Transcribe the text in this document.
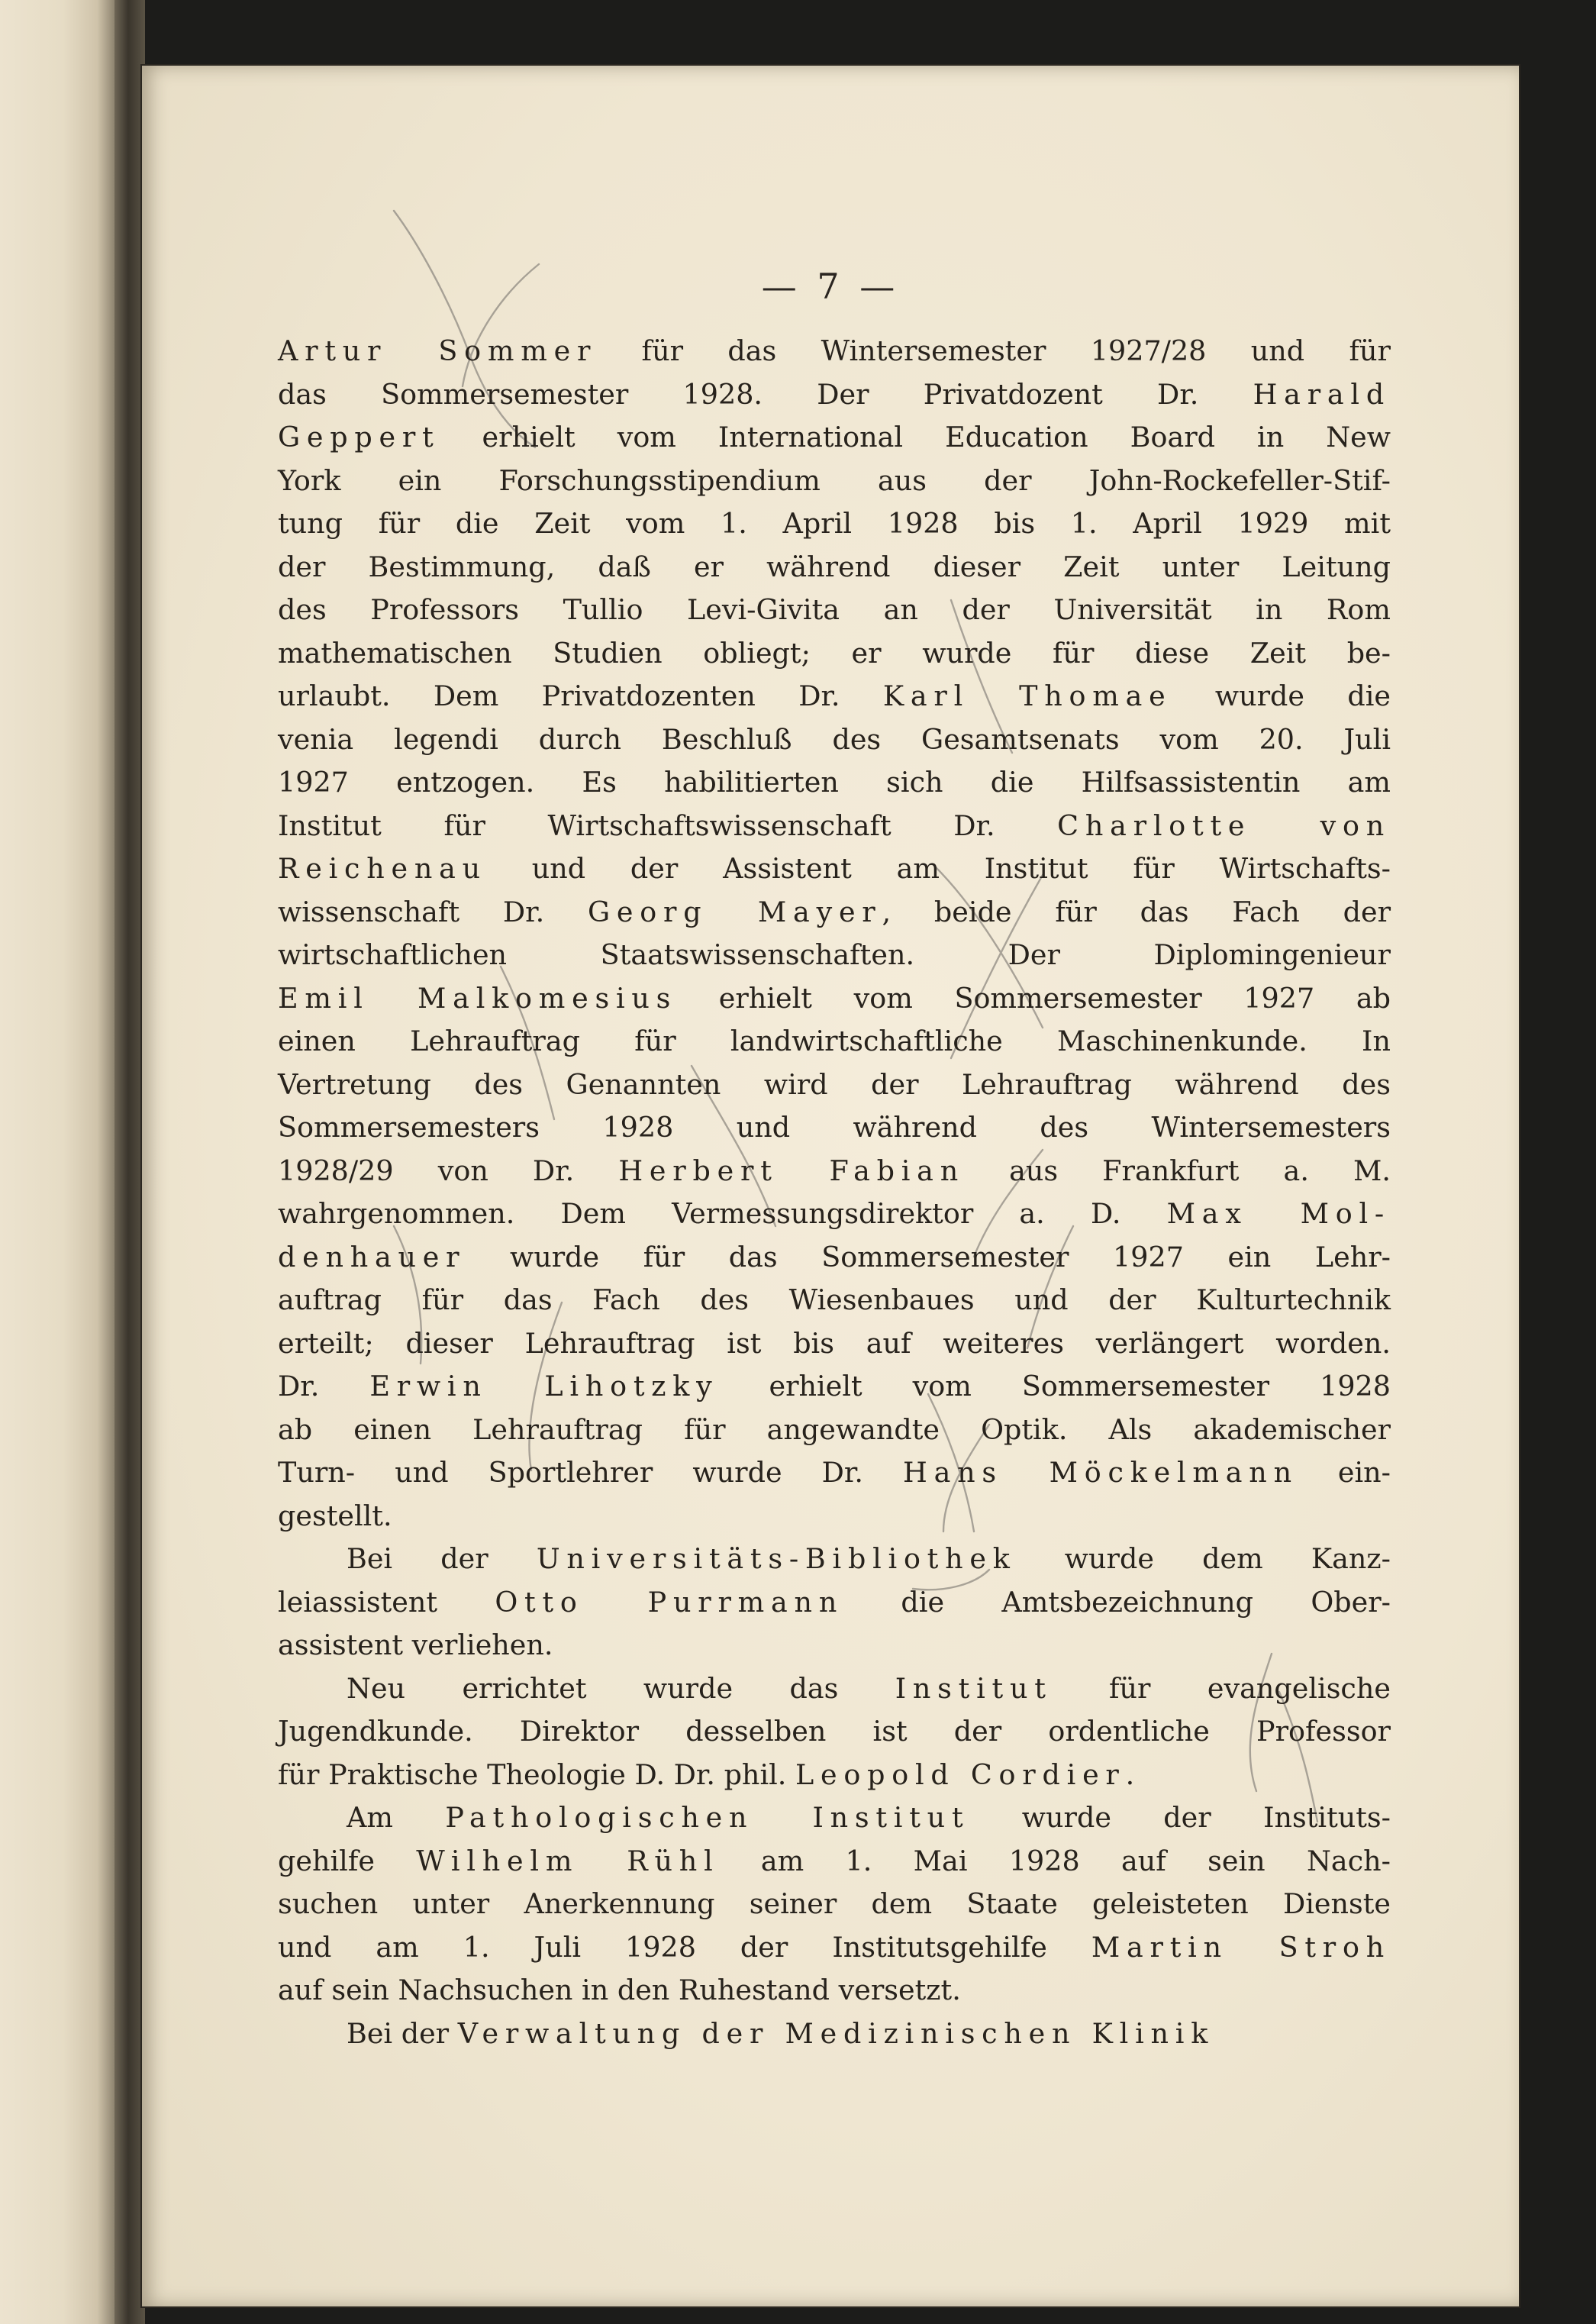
— 7 —
Artur Sommer für das Wintersemester 1927/28 und für
das Sommersemester 1928. Der Privatdozent Dr. Harald
Geppert erhielt vom International Education Board in New
York ein Forschungsstipendium aus der John-Rockefeller-Stif-
tung für die Zeit vom 1. April 1928 bis 1. April 1929 mit
der Bestimmung, daß er während dieser Zeit unter Leitung
des Professors Tullio Levi-Givita an der Universität in Rom
mathematischen Studien obliegt; er wurde für diese Zeit be-
urlaubt. Dem Privatdozenten Dr. Karl Thomae wurde die
venia legendi durch Beschluß des Gesamtsenats vom 20. Juli
1927 entzogen. Es habilitierten sich die Hilfsassistentin am
Institut für Wirtschaftswissenschaft Dr. Charlotte von
Reichenau und der Assistent am Institut für Wirtschafts-
wissenschaft Dr. Georg Mayer, beide für das Fach der
wirtschaftlichen Staatswissenschaften. Der Diplomingenieur
Emil Malkomesius erhielt vom Sommersemester 1927 ab
einen Lehrauftrag für landwirtschaftliche Maschinenkunde. In
Vertretung des Genannten wird der Lehrauftrag während des
Sommersemesters 1928 und während des Wintersemesters
1928/29 von Dr. Herbert Fabian aus Frankfurt a. M.
wahrgenommen. Dem Vermessungsdirektor a. D. Max Mol-
denhauer wurde für das Sommersemester 1927 ein Lehr-
auftrag für das Fach des Wiesenbaues und der Kulturtechnik
erteilt; dieser Lehrauftrag ist bis auf weiteres verlängert worden.
Dr. Erwin Lihotzky erhielt vom Sommersemester 1928
ab einen Lehrauftrag für angewandte Optik. Als akademischer
Turn- und Sportlehrer wurde Dr. Hans Möckelmann ein-
gestellt.
Bei der Universitäts-Bibliothek wurde dem Kanz-
leiassistent Otto Purrmann die Amtsbezeichnung Ober-
assistent verliehen.
Neu errichtet wurde das Institut für evangelische
Jugendkunde. Direktor desselben ist der ordentliche Professor
für Praktische Theologie D. Dr. phil. Leopold Cordier.
Am Pathologischen Institut wurde der Instituts-
gehilfe Wilhelm Rühl am 1. Mai 1928 auf sein Nach-
suchen unter Anerkennung seiner dem Staate geleisteten Dienste
und am 1. Juli 1928 der Institutsgehilfe Martin Stroh
auf sein Nachsuchen in den Ruhestand versetzt.
Bei der Verwaltung der Medizinischen Klinik
